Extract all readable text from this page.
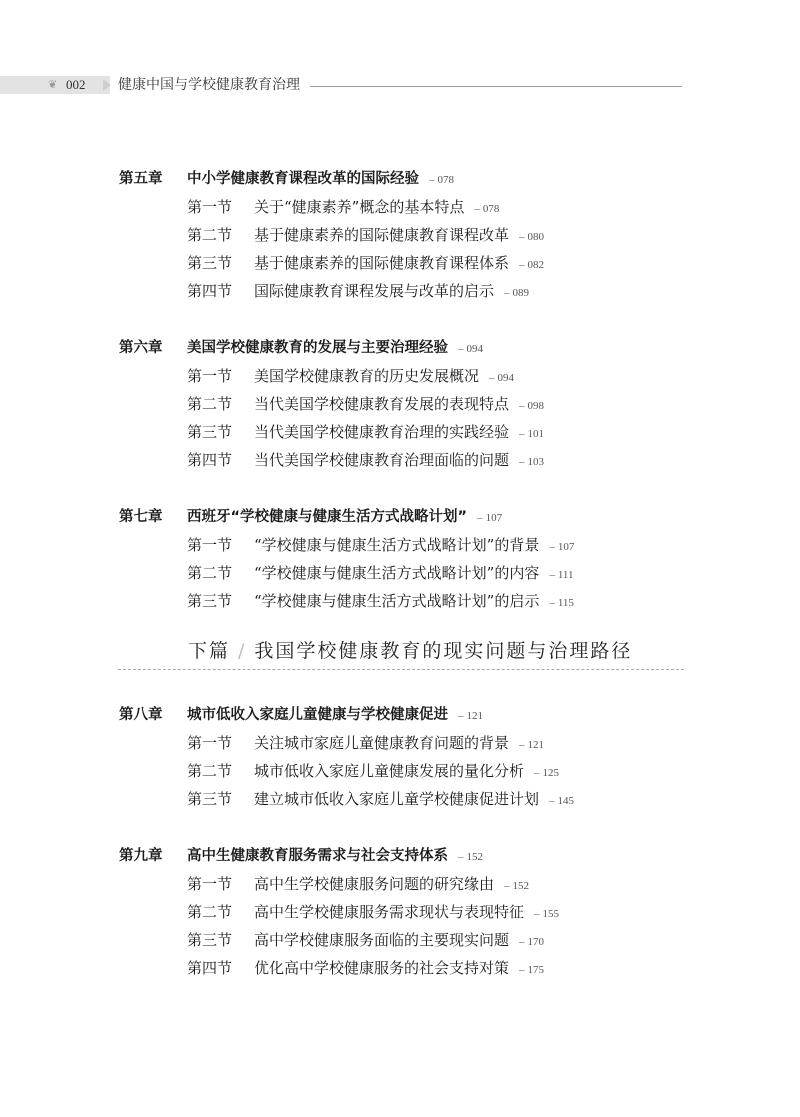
❦ 002 健康中国与学校健康教育治理
第五章 中小学健康教育课程改革的国际经验 – 078
第一节 关于“健康素养”概念的基本特点 – 078
第二节 基于健康素养的国际健康教育课程改革 – 080
第三节 基于健康素养的国际健康教育课程体系 – 082
第四节 国际健康教育课程发展与改革的启示 – 089
第六章 美国学校健康教育的发展与主要治理经验 – 094
第一节 美国学校健康教育的历史发展概况 – 094
第二节 当代美国学校健康教育发展的表现特点 – 098
第三节 当代美国学校健康教育治理的实践经验 – 101
第四节 当代美国学校健康教育治理面临的问题 – 103
第七章 西班牙“学校健康与健康生活方式战略计划” – 107
第一节 “学校健康与健康生活方式战略计划”的背景 – 107
第二节 “学校健康与健康生活方式战略计划”的内容 – 111
第三节 “学校健康与健康生活方式战略计划”的启示 – 115
下篇 / 我国学校健康教育的现实问题与治理路径
第八章 城市低收入家庭儿童健康与学校健康促进 – 121
第一节 关注城市家庭儿童健康教育问题的背景 – 121
第二节 城市低收入家庭儿童健康发展的量化分析 – 125
第三节 建立城市低收入家庭儿童学校健康促进计划 – 145
第九章 高中生健康教育服务需求与社会支持体系 – 152
第一节 高中生学校健康服务问题的研究缘由 – 152
第二节 高中生学校健康服务需求现状与表现特征 – 155
第三节 高中学校健康服务面临的主要现实问题 – 170
第四节 优化高中学校健康服务的社会支持对策 – 175
